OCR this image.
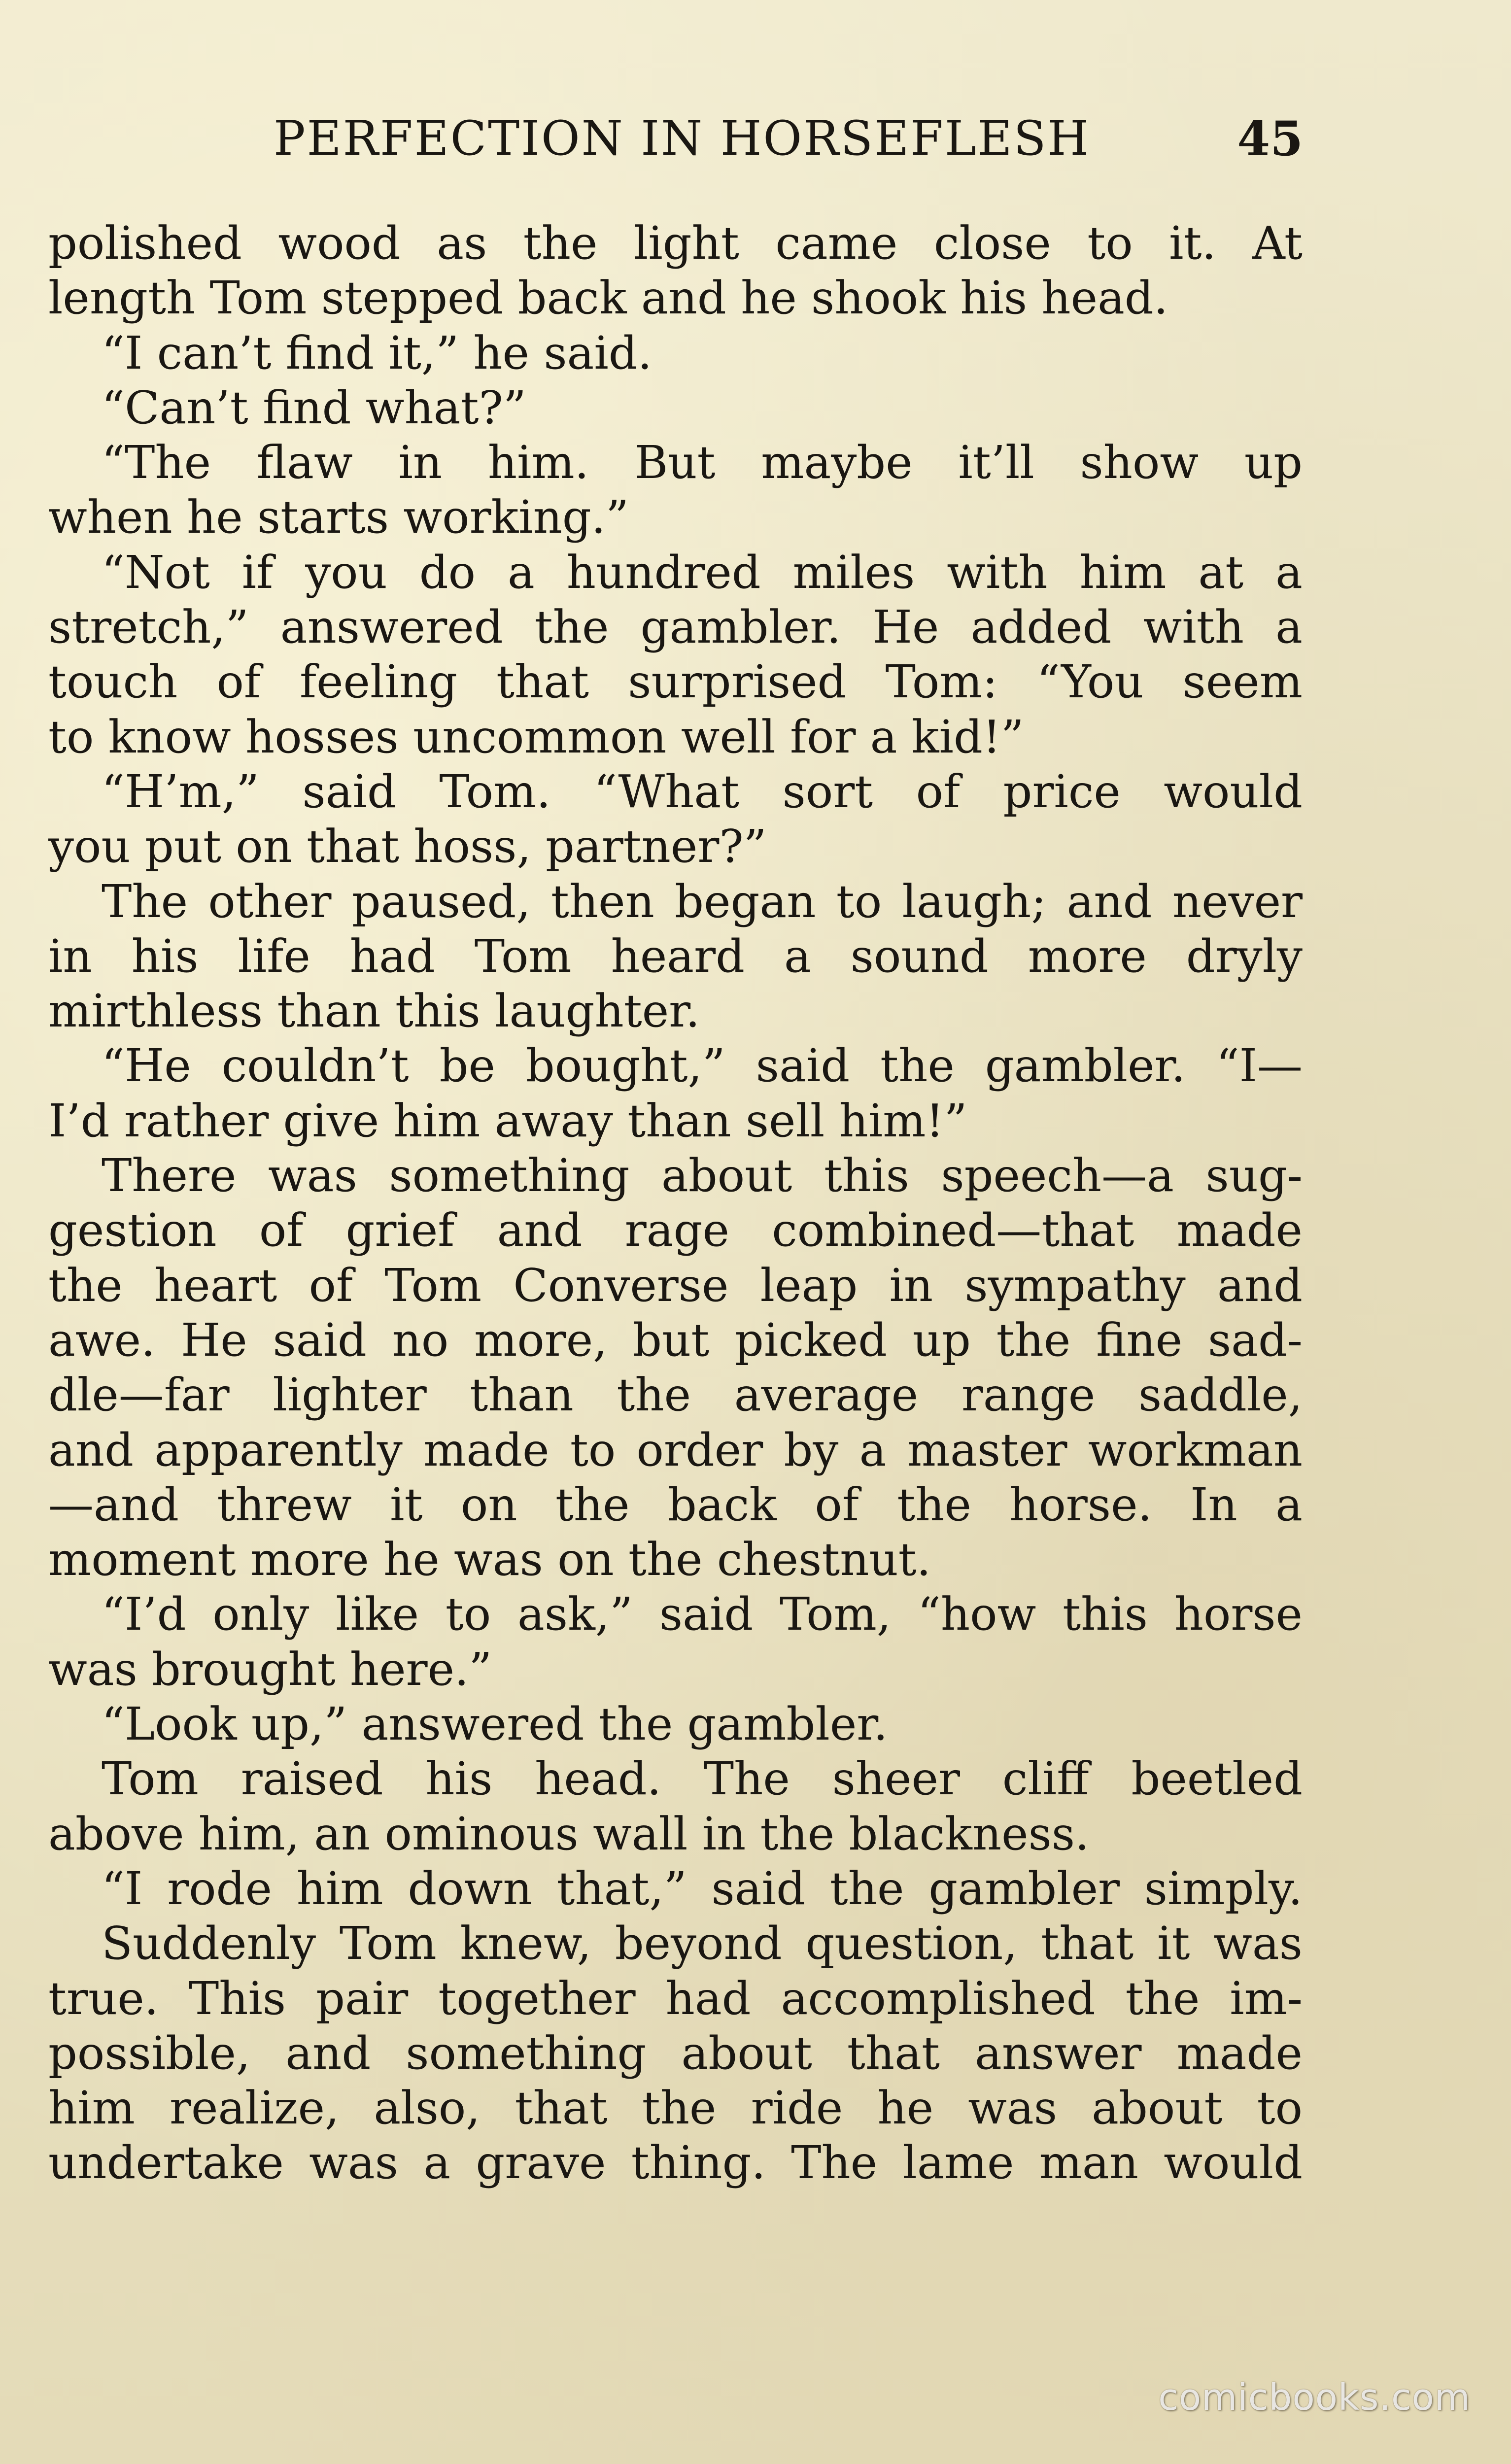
PERFECTION IN HORSEFLESH	45
polished wood as the light came close to it. At
length Tom stepped back and he shook his head.
“I can’t find it,” he said.
“Can’t find what?”
“The flaw in him. But maybe it’ll show up
when he starts working.”
“Not if you do a hundred miles with him at a
stretch,” answered the gambler. He added with a
touch of feeling that surprised Tom: “You seem
to know hosses uncommon well for a kid!”
“H’m,” said Tom. “What sort of price would
you put on that hoss, partner?”
The other paused, then began to laugh; and never
in his life had Tom heard a sound more dryly
mirthless than this laughter.
“He couldn’t be bought,” said the gambler. “I—
I’d rather give him away than sell him!”
There was something about this speech—a sug-
gestion of grief and rage combined—that made
the heart of Tom Converse leap in sympathy and
awe. He said no more, but picked up the fine sad-
dle—far lighter than the average range saddle,
and apparently made to order by a master workman
—and threw it on the back of the horse. In a
moment more he was on the chestnut.
“I’d only like to ask,” said Tom, “how this horse
was brought here.”
“Look up,” answered the gambler.
Tom raised his head. The sheer cliff beetled
above him, an ominous wall in the blackness.
“I rode him down that,” said the gambler simply.
Suddenly Tom knew, beyond question, that it was
true. This pair together had accomplished the im-
possible, and something about that answer made
him realize, also, that the ride he was about to
undertake was a grave thing. The lame man would
comicbooks.com
